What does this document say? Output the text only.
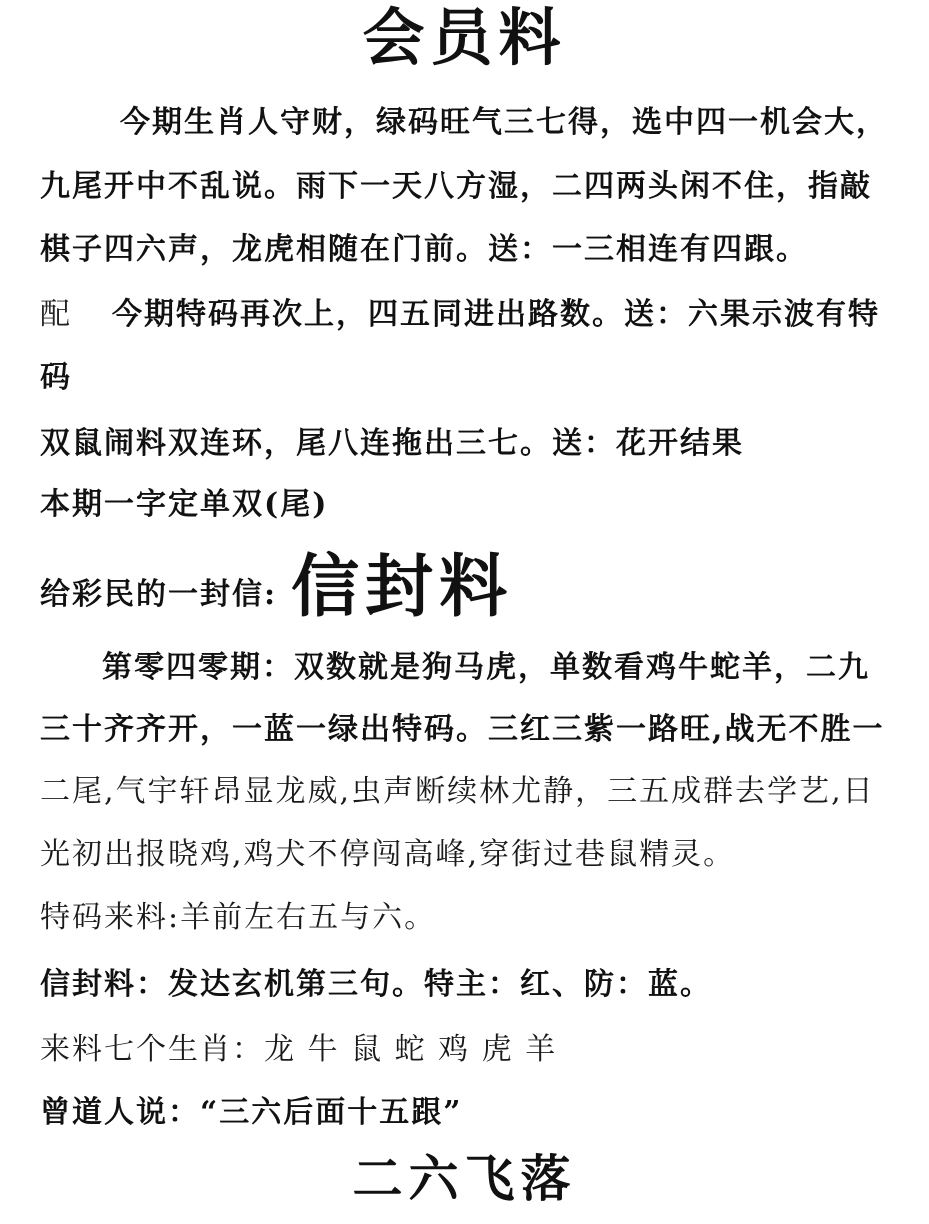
会员料
今期生肖人守财，绿码旺气三七得，选中四一机会大，
九尾开中不乱说。雨下一天八方湿，二四两头闲不住，指敲
棋子四六声，龙虎相随在门前。送：一三相连有四跟。
配	今期特码再次上，四五同进出路数。送：六果示波有特
码
双鼠闹料双连环，尾八连拖出三七。送：花开结果
本期一字定单双(尾)
给彩民的一封信: 信封料
第零四零期：双数就是狗马虎，单数看鸡牛蛇羊，二九
三十齐齐开，一蓝一绿出特码。三红三紫一路旺,战无不胜一
二尾,气宇轩昂显龙威,虫声断续林尤静，三五成群去学艺,日
光初出报晓鸡,鸡犬不停闯高峰,穿街过巷鼠精灵。
特码来料:羊前左右五与六。
信封料：发达玄机第三句。特主：红、防：蓝。
来料七个生肖：龙 牛 鼠 蛇 鸡 虎 羊
曾道人说：“三六后面十五跟”
二六飞落
